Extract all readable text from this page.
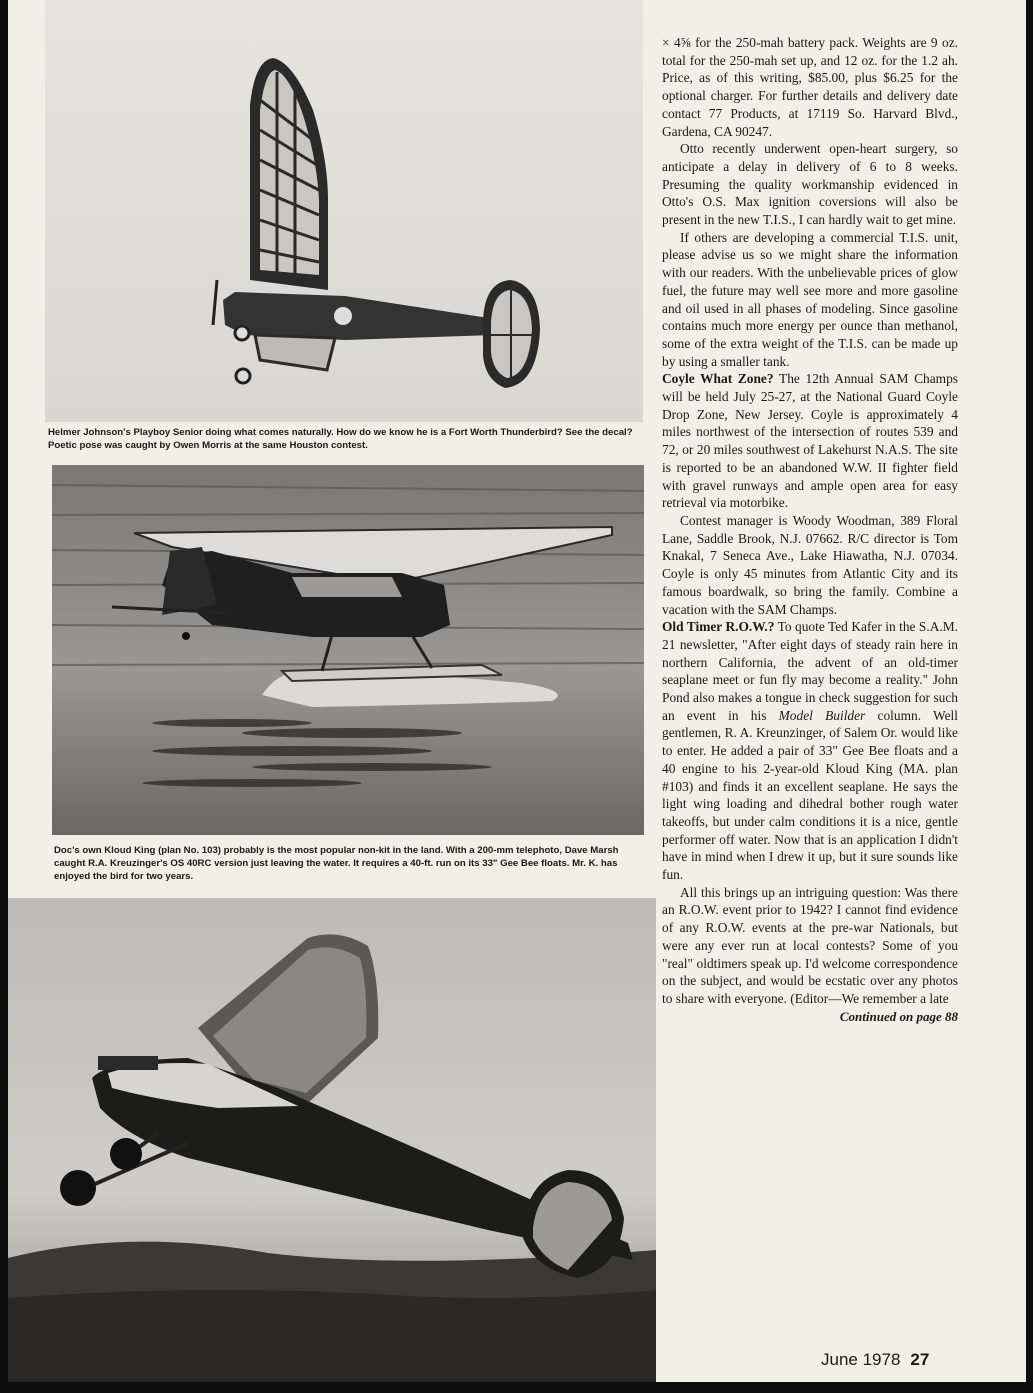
Helmer Johnson's Playboy Senior doing what comes naturally. How do we know he is a Fort Worth Thunderbird? See the decal? Poetic pose was caught by Owen Morris at the same Houston contest.
Doc's own Kloud King (plan No. 103) probably is the most popular non-kit in the land. With a 200-mm telephoto, Dave Marsh caught R.A. Kreuzinger's OS 40RC version just leaving the water. It requires a 40-ft. run on its 33" Gee Bee floats. Mr. K. has enjoyed the bird for two years.

× 4⅝ for the 250-mah battery pack. Weights are 9 oz. total for the 250-mah set up, and 12 oz. for the 1.2 ah. Price, as of this writing, $85.00, plus $6.25 for the optional charger. For further details and delivery date contact 77 Products, at 17119 So. Harvard Blvd., Gardena, CA 90247.

Otto recently underwent open-heart surgery, so anticipate a delay in delivery of 6 to 8 weeks. Presuming the quality workmanship evidenced in Otto's O.S. Max ignition coversions will also be present in the new T.I.S., I can hardly wait to get mine.

If others are developing a commercial T.I.S. unit, please advise us so we might share the information with our readers. With the unbelievable prices of glow fuel, the future may well see more and more gasoline and oil used in all phases of modeling. Since gasoline contains much more energy per ounce than methanol, some of the extra weight of the T.I.S. can be made up by using a smaller tank.

Coyle What Zone? The 12th Annual SAM Champs will be held July 25-27, at the National Guard Coyle Drop Zone, New Jersey. Coyle is approximately 4 miles northwest of the intersection of routes 539 and 72, or 20 miles southwest of Lakehurst N.A.S. The site is reported to be an abandoned W.W. II fighter field with gravel runways and ample open area for easy retrieval via motorbike.

Contest manager is Woody Woodman, 389 Floral Lane, Saddle Brook, N.J. 07662. R/C director is Tom Knakal, 7 Seneca Ave., Lake Hiawatha, N.J. 07034. Coyle is only 45 minutes from Atlantic City and its famous boardwalk, so bring the family. Combine a vacation with the SAM Champs.

Old Timer R.O.W.? To quote Ted Kafer in the S.A.M. 21 newsletter, "After eight days of steady rain here in northern California, the advent of an old-timer seaplane meet or fun fly may become a reality." John Pond also makes a tongue in check suggestion for such an event in his Model Builder column. Well gentlemen, R. A. Kreunzinger, of Salem Or. would like to enter. He added a pair of 33" Gee Bee floats and a 40 engine to his 2-year-old Kloud King (MA. plan #103) and finds it an excellent seaplane. He says the light wing loading and dihedral bother rough water takeoffs, but under calm conditions it is a nice, gentle performer off water. Now that is an application I didn't have in mind when I drew it up, but it sure sounds like fun.

All this brings up an intriguing question: Was there an R.O.W. event prior to 1942? I cannot find evidence of any R.O.W. events at the pre-war Nationals, but were any ever run at local contests? Some of you "real" oldtimers speak up. I'd welcome correspondence on the subject, and would be ecstatic over any photos to share with everyone. (Editor—We remember a late

Continued on page 88

June 1978 27
